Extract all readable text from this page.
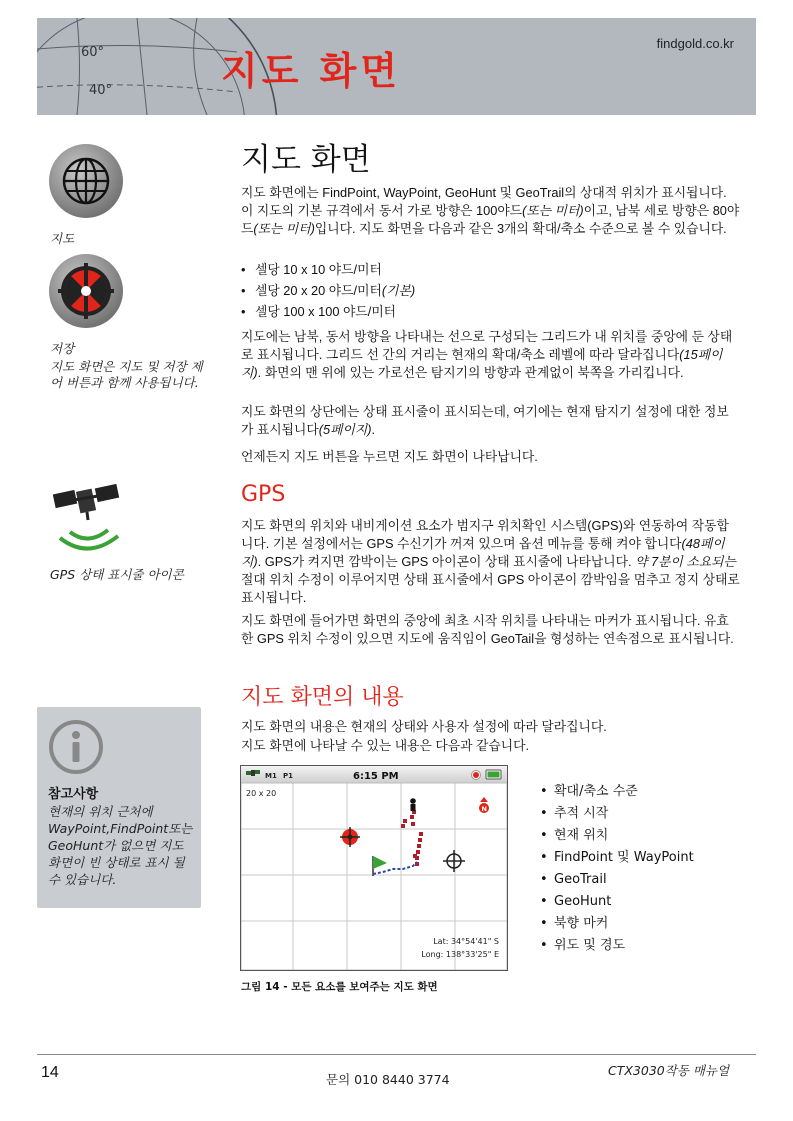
60°
40°	지도 화면
findgold.co.kr
지도
저장
지도 화면은 지도 및 저장 제어 버튼과 함께 사용됩니다.
GPS 상태 표시줄 아이콘
참고사항
현재의 위치 근처에 WayPoint,FindPoint또는 GeoHunt가 없으면 지도 화면이 빈 상태로 표시 될 수 있습니다.
지도 화면
지도 화면에는 FindPoint, WayPoint, GeoHunt 및 GeoTrail의 상대적 위치가 표시됩니다. 이 지도의 기본 규격에서 동서 가로 방향은 100야드(또는 미터)이고, 남북 세로 방향은 80야드(또는 미터)입니다. 지도 화면을 다음과 같은 3개의 확대/축소 수준으로 볼 수 있습니다.
• 셀당 10 x 10 야드/미터
• 셀당 20 x 20 야드/미터(기본)
• 셀당 100 x 100 야드/미터
지도에는 남북, 동서 방향을 나타내는 선으로 구성되는 그리드가 내 위치를 중앙에 둔 상태로 표시됩니다. 그리드 선 간의 거리는 현재의 확대/축소 레벨에 따라 달라집니다(15페이지). 화면의 맨 위에 있는 가로선은 탐지기의 방향과 관계없이 북쪽을 가리킵니다.
지도 화면의 상단에는 상태 표시줄이 표시되는데, 여기에는 현재 탐지기 설정에 대한 정보가 표시됩니다(5페이지).
언제든지 지도 버튼을 누르면 지도 화면이 나타납니다.
GPS
지도 화면의 위치와 내비게이션 요소가 범지구 위치확인 시스템(GPS)와 연동하여 작동합니다. 기본 설정에서는 GPS 수신기가 꺼져 있으며 옵션 메뉴를 통해 켜야 합니다(48페이지). GPS가 켜지면 깜박이는 GPS 아이콘이 상태 표시줄에 나타납니다. 약 7분이 소요되는 절대 위치 수정이 이루어지면 상태 표시줄에서 GPS 아이콘이 깜박임을 멈추고 정지 상태로 표시됩니다.
지도 화면에 들어가면 화면의 중앙에 최초 시작 위치를 나타내는 마커가 표시됩니다. 유효한 GPS 위치 수정이 있으면 지도에 움직임이 GeoTail을 형성하는 연속점으로 표시됩니다.
지도 화면의 내용
지도 화면의 내용은 현재의 상태와 사용자 설정에 따라 달라집니다.
지도 화면에 나타날 수 있는 내용은 다음과 같습니다.
M1 P1	6:15 PM
20 x 20
N
Lat: 34°54'41" S
Long: 138°33'25" E
그림 14 - 모든 요소를 보여주는 지도 화면
• 확대/축소 수준
• 추적 시작
• 현재 위치
• FindPoint 및 WayPoint
• GeoTrail
• GeoHunt
• 북향 마커
• 위도 및 경도
14	문의 010 8440 3774
CTX3030작동 매뉴얼
